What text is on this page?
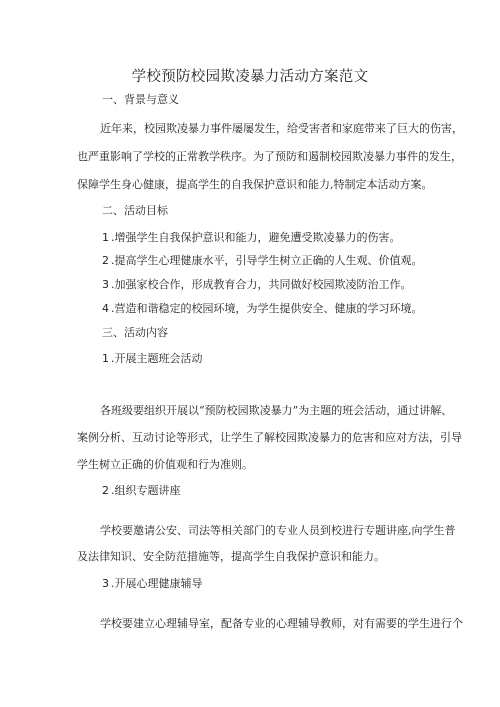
学校预防校园欺凌暴力活动方案范文
一、背景与意义
近年来，校园欺凌暴力事件屡屡发生，给受害者和家庭带来了巨大的伤害，
也严重影响了学校的正常教学秩序。为了预防和遏制校园欺凌暴力事件的发生，
保障学生身心健康，提高学生的自我保护意识和能力,特制定本活动方案。
二、活动目标
1 .增强学生自我保护意识和能力，避免遭受欺凌暴力的伤害。
2 .提高学生心理健康水平，引导学生树立正确的人生观、价值观。
3 .加强家校合作，形成教育合力，共同做好校园欺凌防治工作。
4 .营造和谐稳定的校园环境，为学生提供安全、健康的学习环境。
三、活动内容
1 .开展主题班会活动
各班级要组织开展以“预防校园欺凌暴力”为主题的班会活动，通过讲解、
案例分析、互动讨论等形式，让学生了解校园欺凌暴力的危害和应对方法，引导
学生树立正确的价值观和行为准则。
2 .组织专题讲座
学校要邀请公安、司法等相关部门的专业人员到校进行专题讲座,向学生普
及法律知识、安全防范措施等，提高学生自我保护意识和能力。
3 .开展心理健康辅导
学校要建立心理辅导室，配备专业的心理辅导教师，对有需要的学生进行个
